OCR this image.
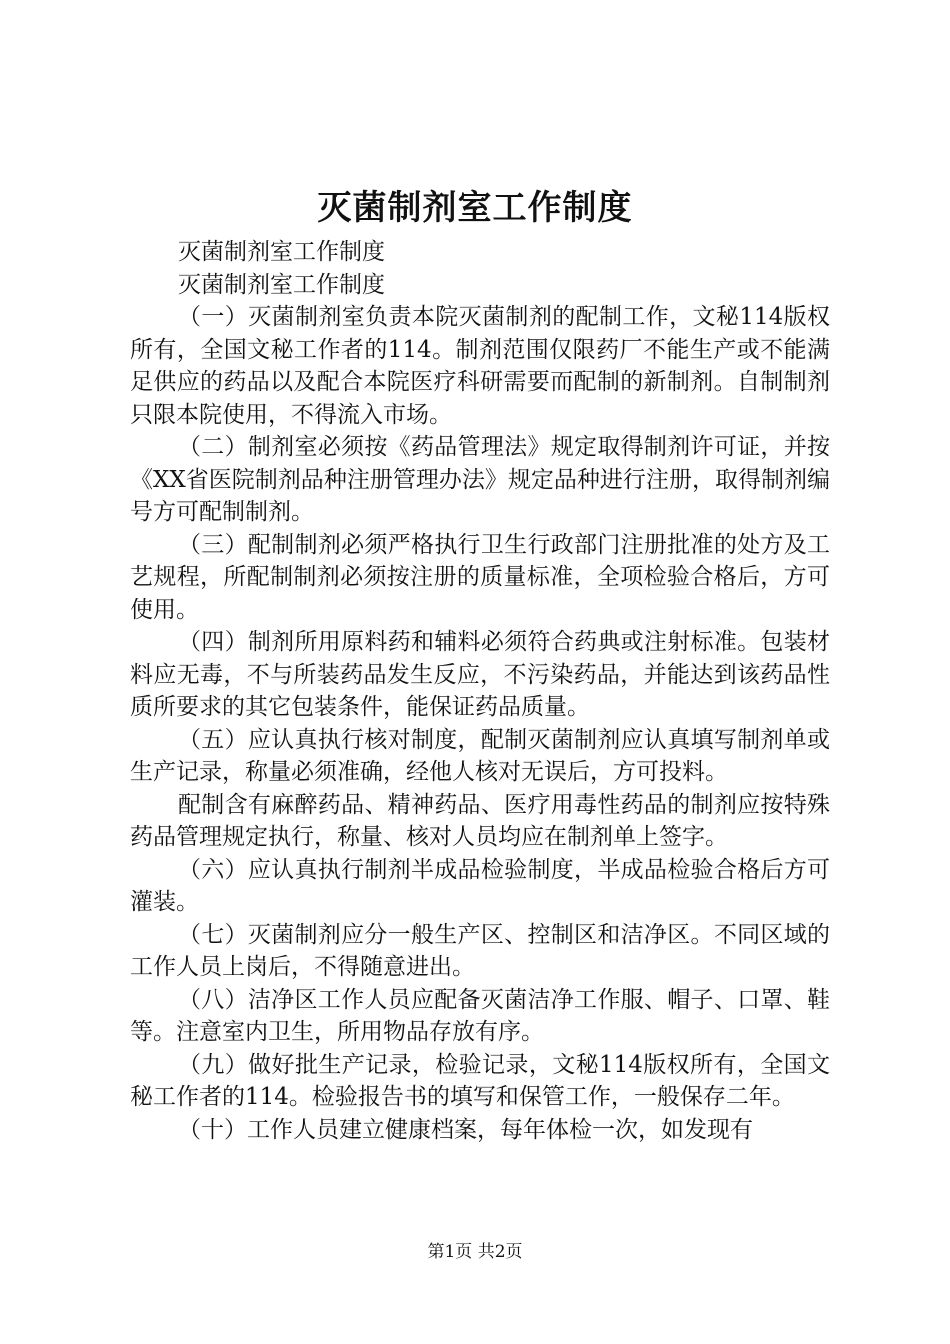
灭菌制剂室工作制度

灭菌制剂室工作制度

灭菌制剂室工作制度

（一）灭菌制剂室负责本院灭菌制剂的配制工作，文秘114版权所有，全国文秘工作者的114。制剂范围仅限药厂不能生产或不能满足供应的药品以及配合本院医疗科研需要而配制的新制剂。自制制剂只限本院使用，不得流入市场。

（二）制剂室必须按《药品管理法》规定取得制剂许可证，并按《XX省医院制剂品种注册管理办法》规定品种进行注册，取得制剂编号方可配制制剂。

（三）配制制剂必须严格执行卫生行政部门注册批准的处方及工艺规程，所配制制剂必须按注册的质量标准，全项检验合格后，方可使用。

（四）制剂所用原料药和辅料必须符合药典或注射标准。包装材料应无毒，不与所装药品发生反应，不污染药品，并能达到该药品性质所要求的其它包装条件，能保证药品质量。

（五）应认真执行核对制度，配制灭菌制剂应认真填写制剂单或生产记录，称量必须准确，经他人核对无误后，方可投料。

配制含有麻醉药品、精神药品、医疗用毒性药品的制剂应按特殊药品管理规定执行，称量、核对人员均应在制剂单上签字。

（六）应认真执行制剂半成品检验制度，半成品检验合格后方可灌装。

（七）灭菌制剂应分一般生产区、控制区和洁净区。不同区域的工作人员上岗后，不得随意进出。

（八）洁净区工作人员应配备灭菌洁净工作服、帽子、口罩、鞋等。注意室内卫生，所用物品存放有序。

（九）做好批生产记录，检验记录，文秘114版权所有，全国文秘工作者的114。检验报告书的填写和保管工作，一般保存二年。

（十）工作人员建立健康档案，每年体检一次，如发现有

第1页 共2页
